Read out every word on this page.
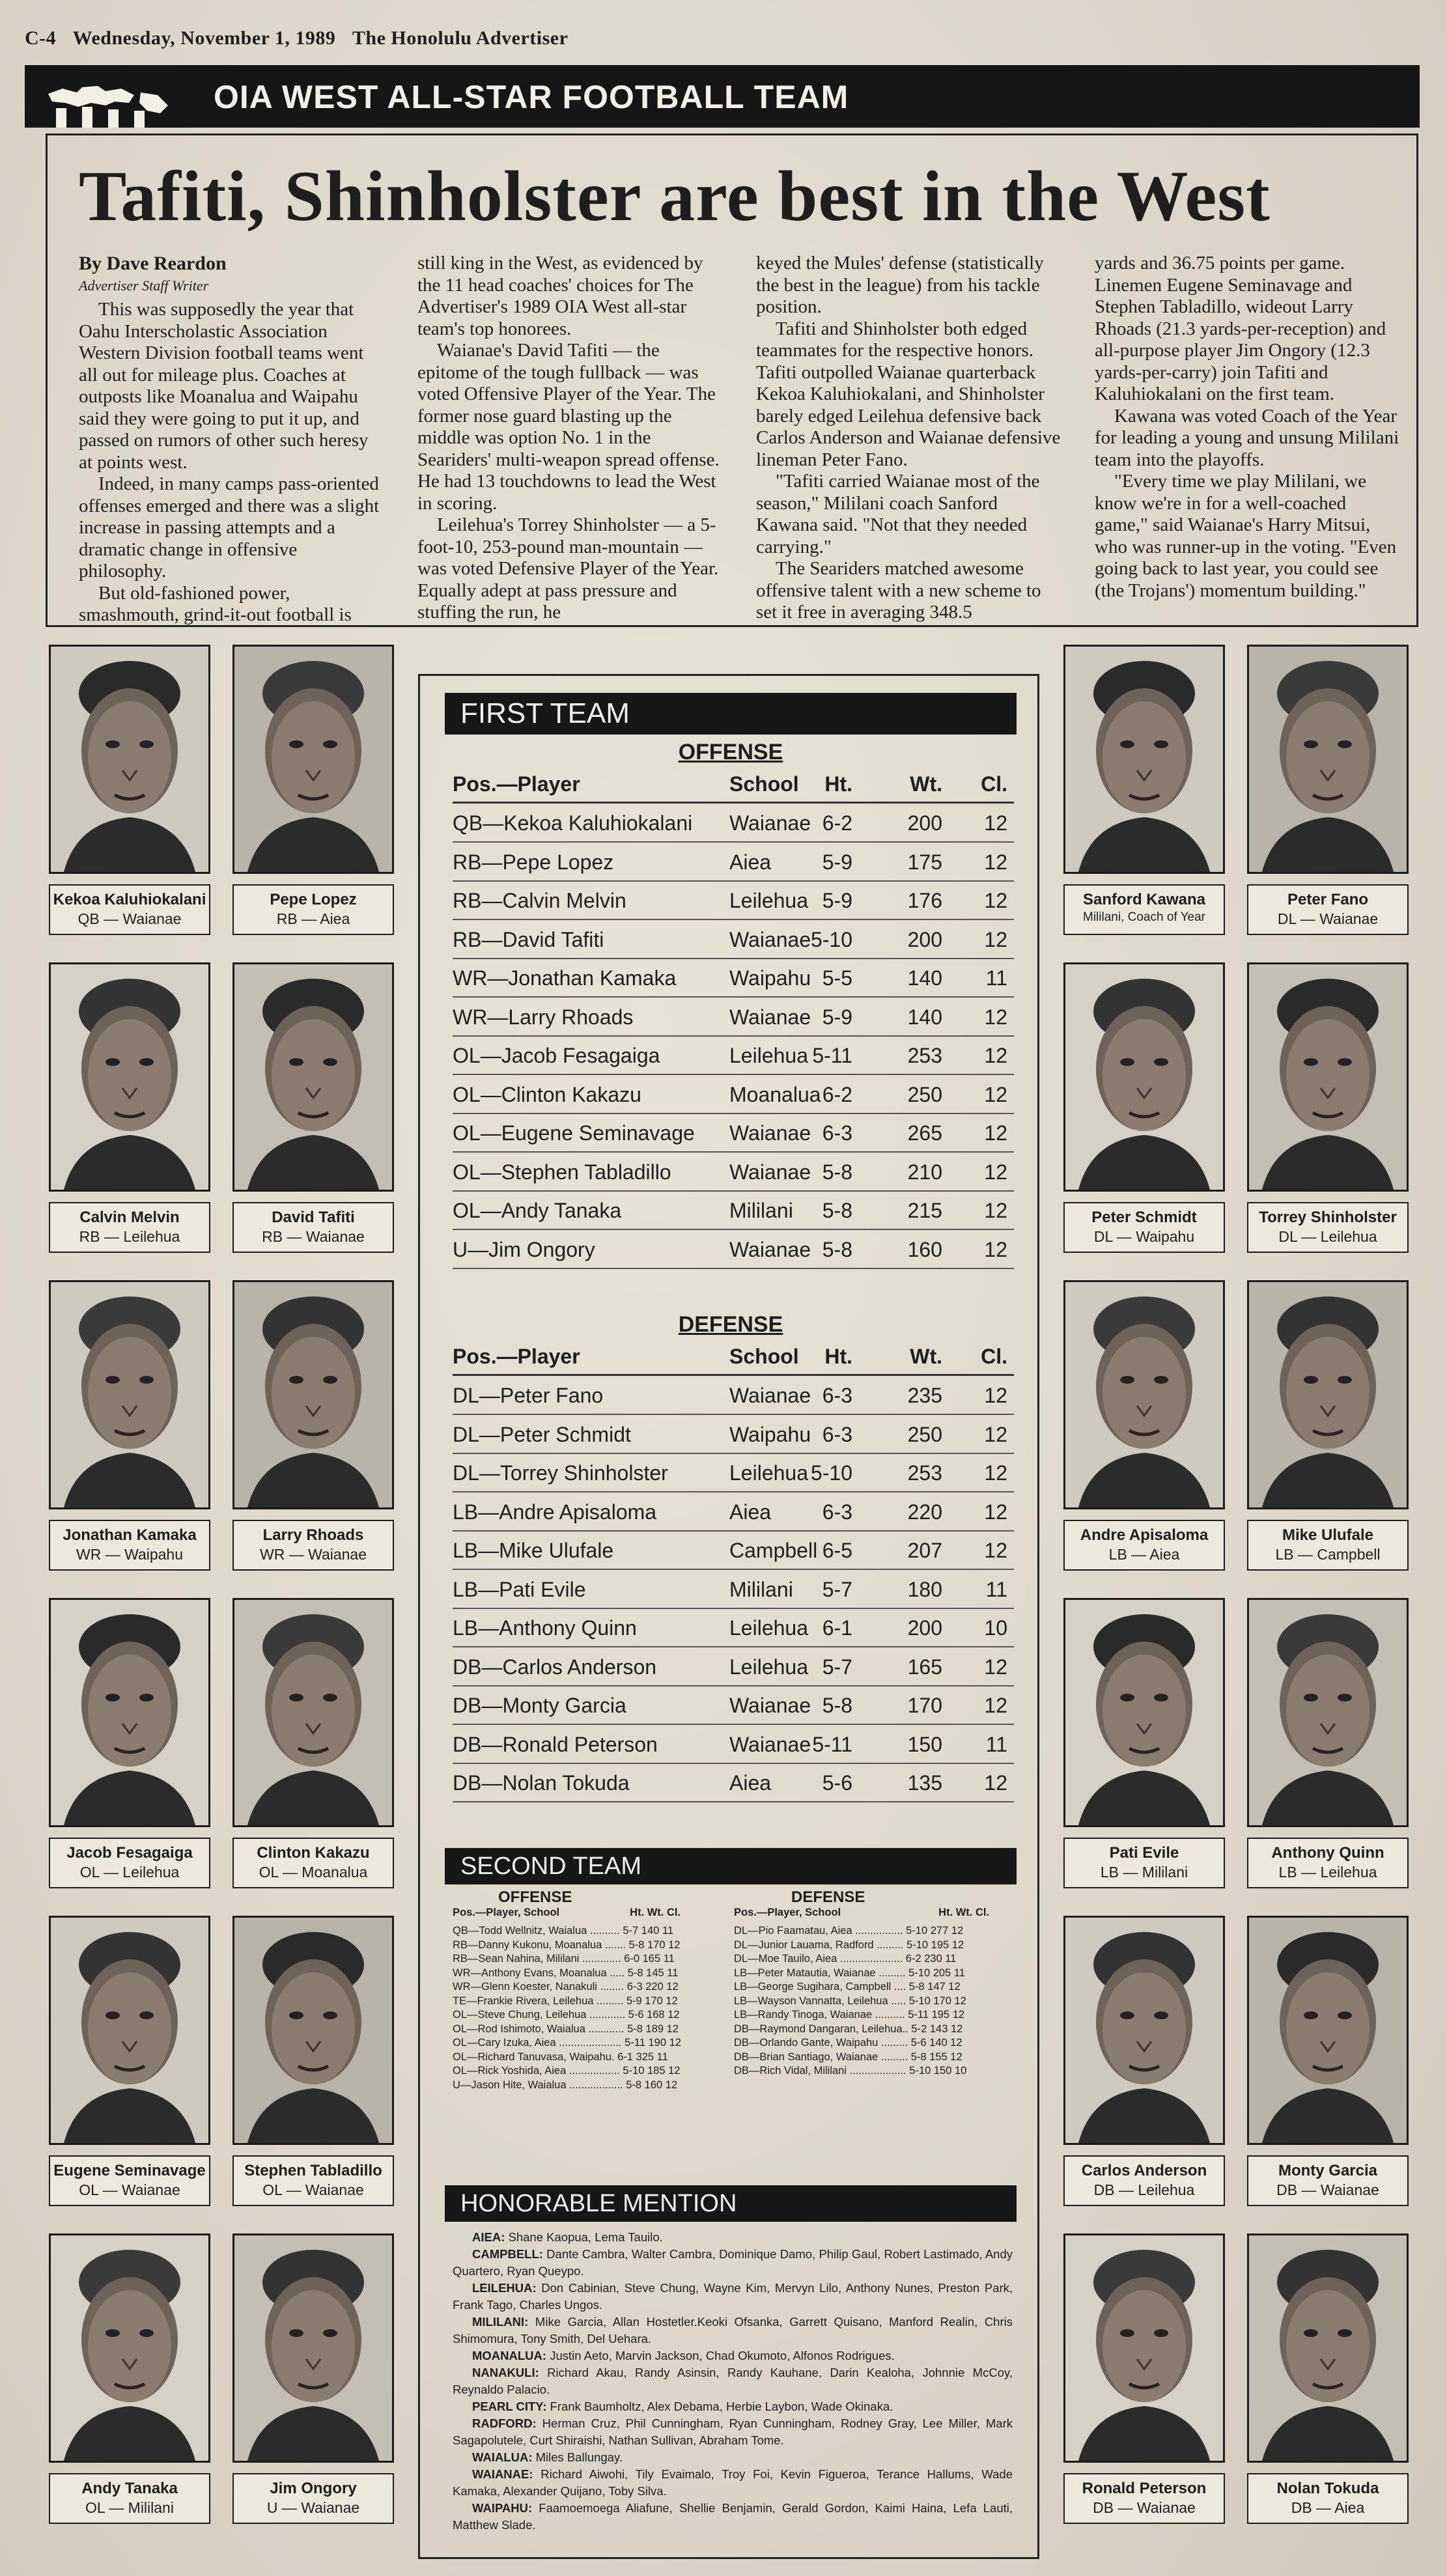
C-4 Wednesday, November 1, 1989 The Honolulu Advertiser
OIA WEST ALL-STAR FOOTBALL TEAM
Tafiti, Shinholster are best in the West

By Dave Reardon

Advertiser Staff Writer

This was supposedly the year that Oahu Interscholastic Association Western Division football teams went all out for mileage plus. Coaches at outposts like Moanalua and Waipahu said they were going to put it up, and passed on rumors of other such heresy at points west.

Indeed, in many camps pass-oriented offenses emerged and there was a slight increase in passing attempts and a dramatic change in offensive philosophy.

But old-fashioned power, smashmouth, grind-it-out football is

still king in the West, as evidenced by the 11 head coaches' choices for The Advertiser's 1989 OIA West all-star team's top honorees.

Waianae's David Tafiti — the epitome of the tough fullback — was voted Offensive Player of the Year. The former nose guard blasting up the middle was option No. 1 in the Seariders' multi-weapon spread offense. He had 13 touchdowns to lead the West in scoring.

Leilehua's Torrey Shinholster — a 5-foot-10, 253-pound man-mountain — was voted Defensive Player of the Year. Equally adept at pass pressure and stuffing the run, he

keyed the Mules' defense (statistically the best in the league) from his tackle position.

Tafiti and Shinholster both edged teammates for the respective honors. Tafiti outpolled Waianae quarterback Kekoa Kaluhiokalani, and Shinholster barely edged Leilehua defensive back Carlos Anderson and Waianae defensive lineman Peter Fano.

"Tafiti carried Waianae most of the season," Mililani coach Sanford Kawana said. "Not that they needed carrying."

The Seariders matched awesome offensive talent with a new scheme to set it free in averaging 348.5

yards and 36.75 points per game. Linemen Eugene Seminavage and Stephen Tabladillo, wideout Larry Rhoads (21.3 yards-per-reception) and all-purpose player Jim Ongory (12.3 yards-per-carry) join Tafiti and Kaluhiokalani on the first team.

Kawana was voted Coach of the Year for leading a young and unsung Mililani team into the playoffs.

"Every time we play Mililani, we know we're in for a well-coached game," said Waianae's Harry Mitsui, who was runner-up in the voting. "Even going back to last year, you could see (the Trojans') momentum building."

Kekoa Kaluhiokalani
QB — Waianae
Pepe Lopez
RB — Aiea
Calvin Melvin
RB — Leilehua
David Tafiti
RB — Waianae
Jonathan Kamaka
WR — Waipahu
Larry Rhoads
WR — Waianae
Jacob Fesagaiga
OL — Leilehua
Clinton Kakazu
OL — Moanalua
Eugene Seminavage
OL — Waianae
Stephen Tabladillo
OL — Waianae
Andy Tanaka
OL — Mililani
Jim Ongory
U — Waianae
Sanford Kawana
Mililani, Coach of Year
Peter Fano
DL — Waianae
Peter Schmidt
DL — Waipahu
Torrey Shinholster
DL — Leilehua
Andre Apisaloma
LB — Aiea
Mike Ulufale
LB — Campbell
Pati Evile
LB — Mililani
Anthony Quinn
LB — Leilehua
Carlos Anderson
DB — Leilehua
Monty Garcia
DB — Waianae
Ronald Peterson
DB — Waianae
Nolan Tokuda
DB — Aiea
FIRST TEAM
OFFENSE
Pos.—Player	School Ht.	Wt. Cl.
QB—Kekoa Kaluhiokalani Waianae 6-2	200 12
RB—Pepe Lopez	Aiea 5-9	175 12
RB—Calvin Melvin	Leilehua 5-9	176 12
RB—David Tafiti	Waianae 5-10	200 12
WR—Jonathan Kamaka	Waipahu 5-5	140 11
WR—Larry Rhoads	Waianae 5-9	140 12
OL—Jacob Fesagaiga	Leilehua 5-11	253 12
OL—Clinton Kakazu	Moanalua 6-2	250 12
OL—Eugene Seminavage Waianae 6-3	265 12
OL—Stephen Tabladillo	Waianae 5-8	210 12
OL—Andy Tanaka	Mililani 5-8	215 12
U—Jim Ongory	Waianae 5-8	160 12
DEFENSE
Pos.—Player	School Ht.	Wt. Cl.
DL—Peter Fano	Waianae 6-3	235 12
DL—Peter Schmidt	Waipahu 6-3	250 12
DL—Torrey Shinholster	Leilehua 5-10	253 12
LB—Andre Apisaloma	Aiea 6-3	220 12
LB—Mike Ulufale	Campbell 6-5	207 12
LB—Pati Evile	Mililani 5-7	180 11
LB—Anthony Quinn	Leilehua 6-1	200 10
DB—Carlos Anderson	Leilehua 5-7	165 12
DB—Monty Garcia	Waianae 5-8	170 12
DB—Ronald Peterson	Waianae 5-11	150 11
DB—Nolan Tokuda	Aiea 5-6	135 12
SECOND TEAM
OFFENSE	DEFENSE
Pos.—Player, School	Ht. Wt. Cl.	Pos.—Player, School	Ht. Wt. Cl.
QB—Todd Wellnitz, Waialua .......... 5-7 140 11
RB—Danny Kukonu, Moanalua ....... 5-8 170 12
RB—Sean Nahina, Mililani ............. 6-0 165 11
WR—Anthony Evans, Moanalua ..... 5-8 145 11
WR—Glenn Koester, Nanakuli ........ 6-3 220 12
TE—Frankie Rivera, Leilehua ......... 5-9 170 12
OL—Steve Chung, Leilehua ............ 5-6 168 12
OL—Rod Ishimoto, Waialua ............ 5-8 189 12
OL—Cary Izuka, Aiea ..................... 5-11 190 12
OL—Richard Tanuvasa, Waipahu. 6-1 325 11
OL—Rick Yoshida, Aiea ................. 5-10 185 12
U—Jason Hite, Waialua .................. 5-8 160 12
DL—Pio Faamatau, Aiea ................ 5-10 277 12
DL—Junior Lauama, Radford ......... 5-10 195 12
DL—Moe Tauilo, Aiea ..................... 6-2 230 11
LB—Peter Matautia, Waianae ......... 5-10 205 11
LB—George Sugihara, Campbell .... 5-8 147 12
LB—Wayson Vannatta, Leilehua ..... 5-10 170 12
LB—Randy Tinoga, Waianae .......... 5-11 195 12
DB—Raymond Dangaran, Leilehua.. 5-2 143 12
DB—Orlando Gante, Waipahu ......... 5-6 140 12
DB—Brian Santiago, Waianae ......... 5-8 155 12
DB—Rich Vidal, Mililani ................... 5-10 150 10
HONORABLE MENTION

AIEA: Shane Kaopua, Lema Tauilo.

CAMPBELL: Dante Cambra, Walter Cambra, Dominique Damo, Philip Gaul, Robert Lastimado, Andy Quartero, Ryan Queypo.

LEILEHUA: Don Cabinian, Steve Chung, Wayne Kim, Mervyn Lilo, Anthony Nunes, Preston Park, Frank Tago, Charles Ungos.

MILILANI: Mike Garcia, Allan Hostetler.Keoki Ofsanka, Garrett Quisano, Manford Realin, Chris Shimomura, Tony Smith, Del Uehara.

MOANALUA: Justin Aeto, Marvin Jackson, Chad Okumoto, Alfonos Rodrigues.

NANAKULI: Richard Akau, Randy Asinsin, Randy Kauhane, Darin Kealoha, Johnnie McCoy, Reynaldo Palacio.

PEARL CITY: Frank Baumholtz, Alex Debama, Herbie Laybon, Wade Okinaka.

RADFORD: Herman Cruz, Phil Cunningham, Ryan Cunningham, Rodney Gray, Lee Miller, Mark Sagapolutele, Curt Shiraishi, Nathan Sullivan, Abraham Tome.

WAIALUA: Miles Ballungay.

WAIANAE: Richard Aiwohi, Tily Evaimalo, Troy Foi, Kevin Figueroa, Terance Hallums, Wade Kamaka, Alexander Quijano, Toby Silva.

WAIPAHU: Faamoemoega Aliafune, Shellie Benjamin, Gerald Gordon, Kaimi Haina, Lefa Lauti, Matthew Slade.
